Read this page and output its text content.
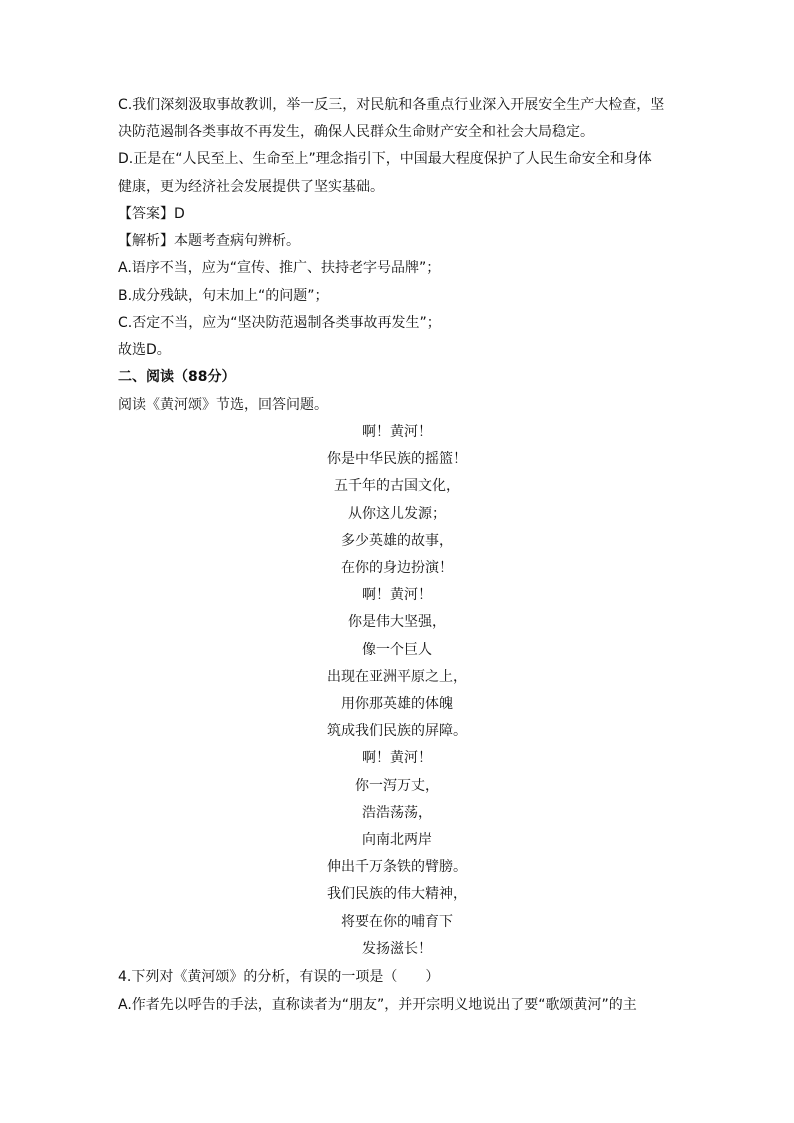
C.我们深刻汲取事故教训，举一反三，对民航和各重点行业深入开展安全生产大检查，坚
决防范遏制各类事故不再发生，确保人民群众生命财产安全和社会大局稳定。
D.正是在“人民至上、生命至上”理念指引下，中国最大程度保护了人民生命安全和身体
健康，更为经济社会发展提供了坚实基础。
【答案】D
【解析】本题考查病句辨析。
A.语序不当，应为“宣传、推广、扶持老字号品牌”；
B.成分残缺，句末加上“的问题”；
C.否定不当，应为“坚决防范遏制各类事故再发生”；
故选D。
二、阅读（88分）
阅读《黄河颂》节选，回答问题。
啊！黄河！
你是中华民族的摇篮！
五千年的古国文化，
从你这儿发源；
多少英雄的故事，
在你的身边扮演！
啊！黄河！
你是伟大坚强，
像一个巨人
出现在亚洲平原之上，
用你那英雄的体魄
筑成我们民族的屏障。
啊！黄河！
你一泻万丈，
浩浩荡荡，
向南北两岸
伸出千万条铁的臂膀。
我们民族的伟大精神，
将要在你的哺育下
发扬滋长！
4.下列对《黄河颂》的分析，有误的一项是（　　）
A.作者先以呼告的手法，直称读者为“朋友”，并开宗明义地说出了要“歌颂黄河”的主
